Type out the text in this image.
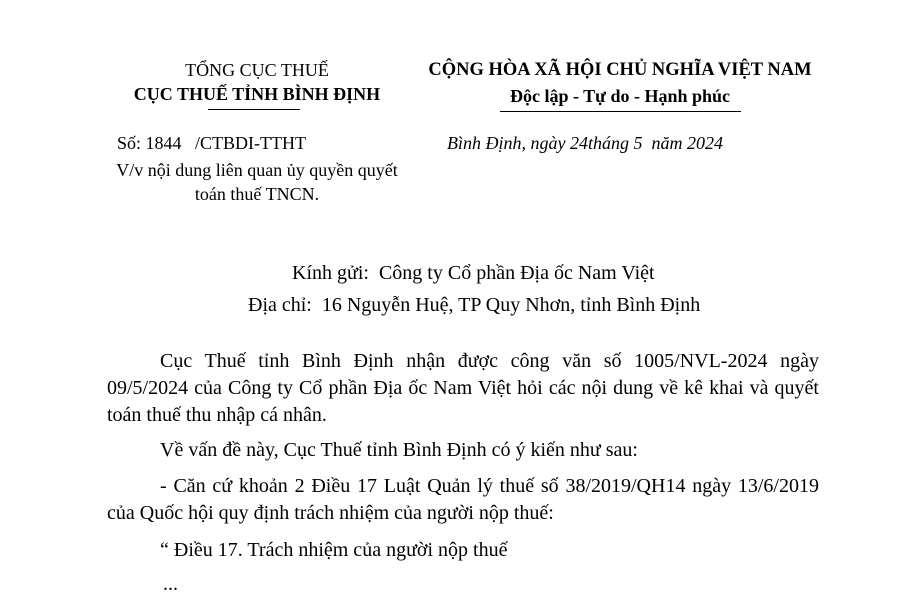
TỔNG CỤC THUẾ
CỤC THUẾ TỈNH BÌNH ĐỊNH
CỘNG HÒA XÃ HỘI CHỦ NGHĨA VIỆT NAM
Độc lập - Tự do - Hạnh phúc
Số: 1844   /CTBDI-TTHT
V/v nội dung liên quan ủy quyền quyết toán thuế TNCN.
Bình Định, ngày 24tháng 5  năm 2024
Kính gửi:  Công ty Cổ phần Địa ốc Nam Việt
Địa chỉ:  16 Nguyễn Huệ, TP Quy Nhơn, tỉnh Bình Định
Cục Thuế tỉnh Bình Định nhận được công văn số 1005/NVL-2024 ngày 09/5/2024 của Công ty Cổ phần Địa ốc Nam Việt hỏi các nội dung về kê khai và quyết toán thuế thu nhập cá nhân.
Về vấn đề này, Cục Thuế tỉnh Bình Định có ý kiến như sau:
- Căn cứ khoản 2 Điều 17 Luật Quản lý thuế số 38/2019/QH14 ngày 13/6/2019 của Quốc hội quy định trách nhiệm của người nộp thuế:
“ Điều 17. Trách nhiệm của người nộp thuế
...
